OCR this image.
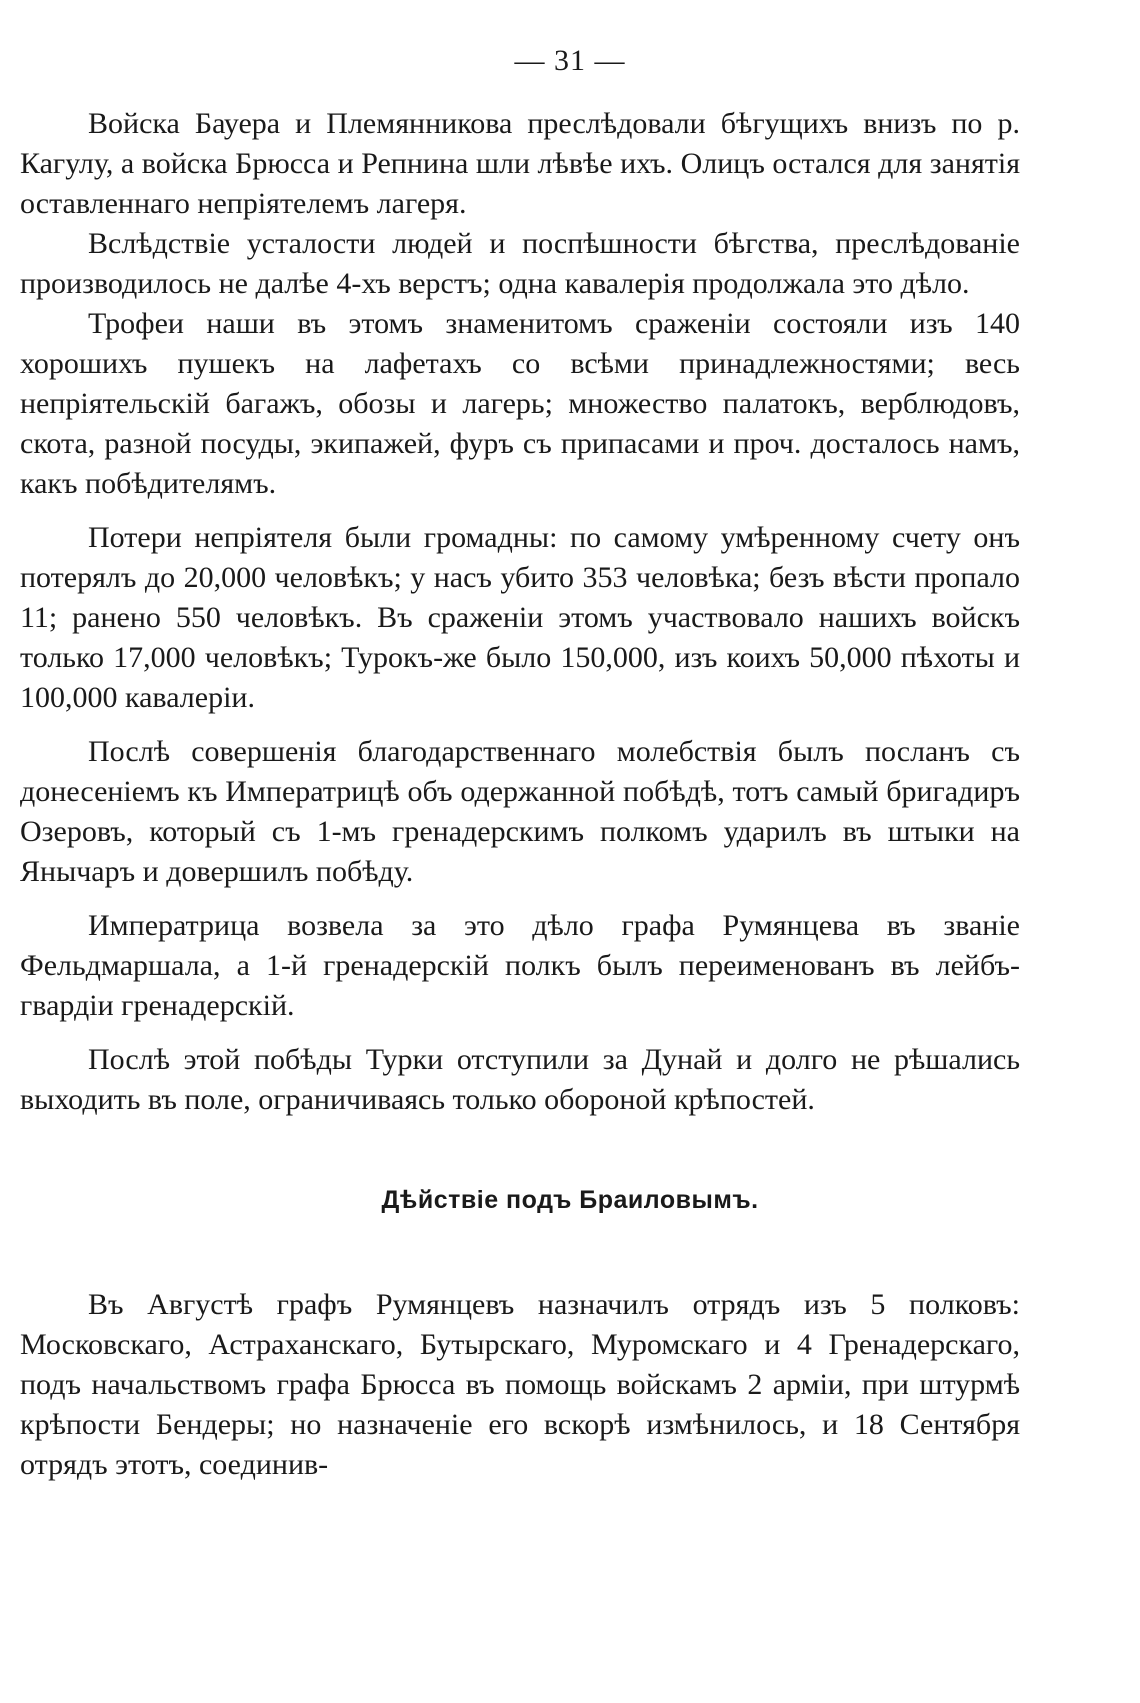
— 31 —

Войска Бауера и Племянникова преслѣдовали бѣгущихъ внизъ по р. Кагулу, а войска Брюсса и Репнина шли лѣвѣе ихъ. Олицъ остался для занятія оставленнаго непріятелемъ лагеря.

Вслѣдствіе усталости людей и поспѣшности бѣгства, преслѣдованіе производилось не далѣе 4-хъ верстъ; одна кавалерія продолжала это дѣло.

Трофеи наши въ этомъ знаменитомъ сраженіи состояли изъ 140 хорошихъ пушекъ на лафетахъ со всѣми принадлежностями; весь непріятельскій багажъ, обозы и лагерь; множество палатокъ, верблюдовъ, скота, разной посуды, экипажей, фуръ съ припасами и проч. досталось намъ, какъ побѣдителямъ.

Потери непріятеля были громадны: по самому умѣренному счету онъ потерялъ до 20,000 человѣкъ; у насъ убито 353 человѣка; безъ вѣсти пропало 11; ранено 550 человѣкъ. Въ сраженіи этомъ участвовало нашихъ войскъ только 17,000 человѣкъ; Турокъ-же было 150,000, изъ коихъ 50,000 пѣхоты и 100,000 кавалеріи.

Послѣ совершенія благодарственнаго молебствія былъ посланъ съ донесеніемъ къ Императрицѣ объ одержанной побѣдѣ, тотъ самый бригадиръ Озеровъ, который съ 1-мъ гренадерскимъ полкомъ ударилъ въ штыки на Янычаръ и довершилъ побѣду.

Императрица возвела за это дѣло графа Румянцева въ званіе Фельдмаршала, а 1-й гренадерскій полкъ былъ переименованъ въ лейбъ-гвардіи гренадерскій.

Послѣ этой побѣды Турки отступили за Дунай и долго не рѣшались выходить въ поле, ограничиваясь только обороной крѣпостей.

Дѣйствіе подъ Браиловымъ.

Въ Августѣ графъ Румянцевъ назначилъ отрядъ изъ 5 полковъ: Московскаго, Астраханскаго, Бутырскаго, Муромскаго и 4 Гренадерскаго, подъ начальствомъ графа Брюсса въ помощь войскамъ 2 арміи, при штурмѣ крѣпости Бендеры; но назначеніе его вскорѣ измѣнилось, и 18 Сентября отрядъ этотъ, соединив-
